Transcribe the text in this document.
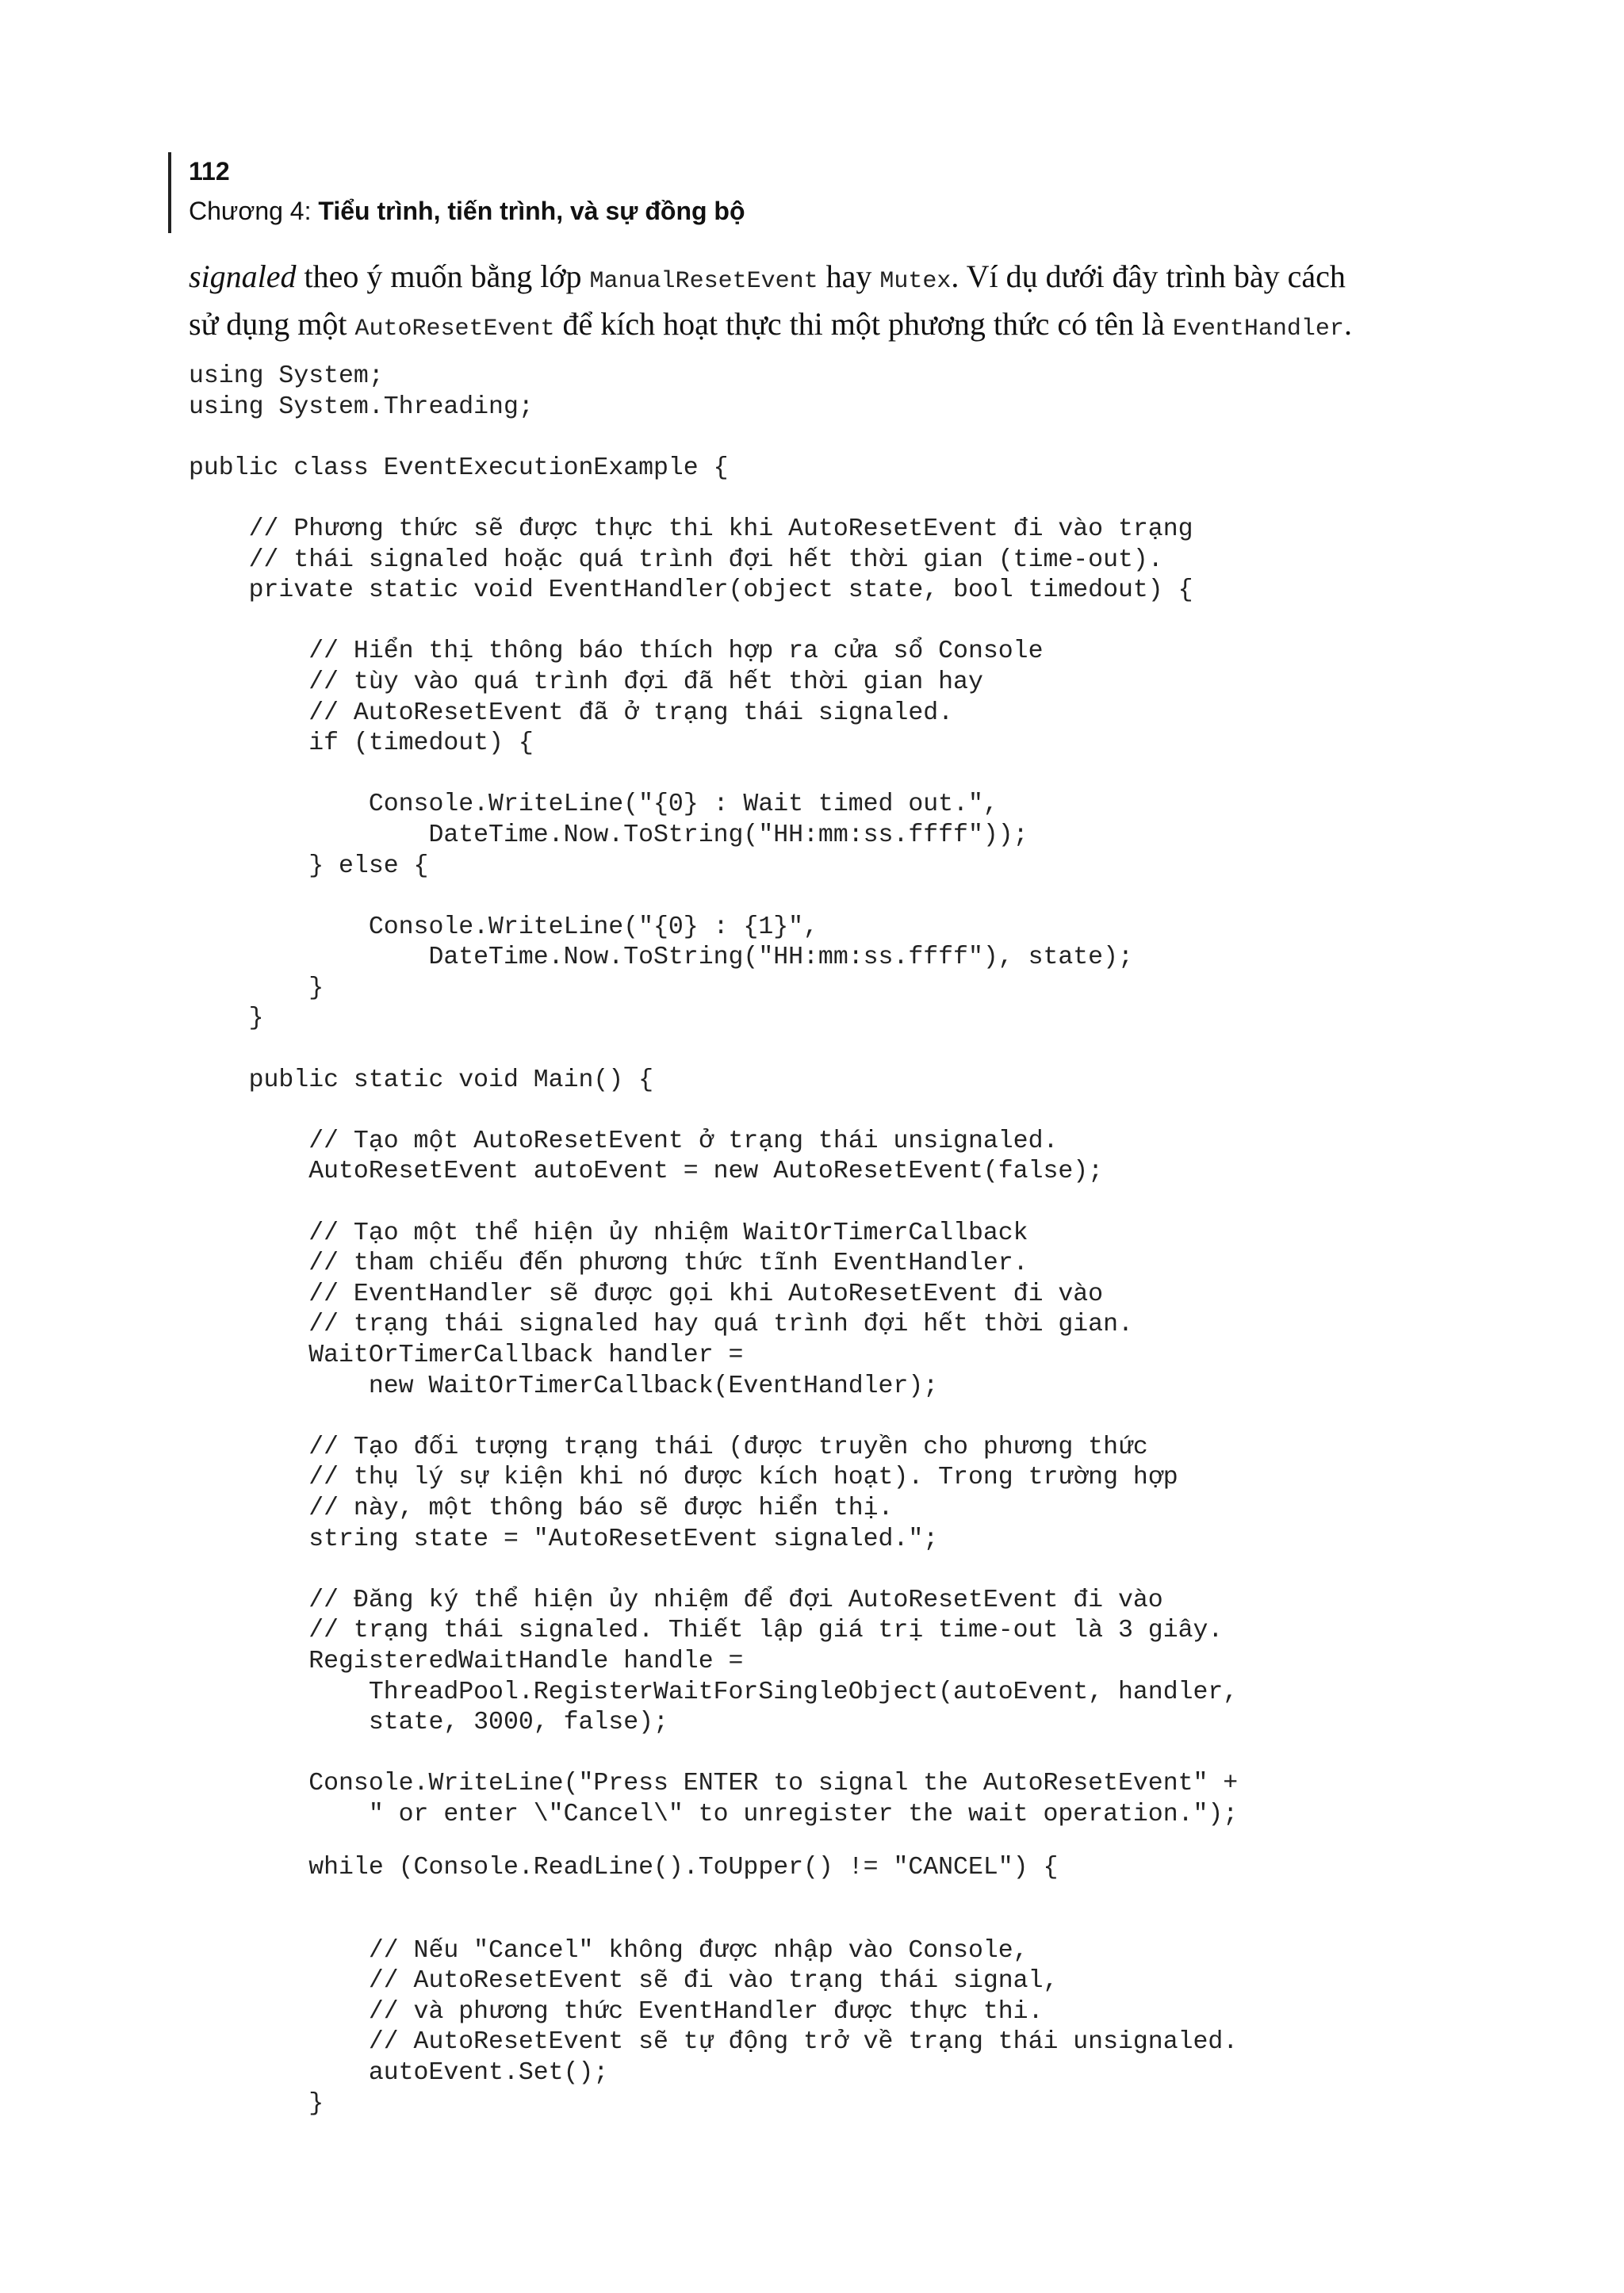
112
Chương 4: Tiểu trình, tiến trình, và sự đồng bộ

signaled theo ý muốn bằng lớp ManualResetEvent hay Mutex. Ví dụ dưới đây trình bày cách

sử dụng một AutoResetEvent để kích hoạt thực thi một phương thức có tên là EventHandler.

using System;
using System.Threading;
public class EventExecutionExample {
// Phương thức sẽ được thực thi khi AutoResetEvent đi vào trạng
// thái signaled hoặc quá trình đợi hết thời gian (time-out).
private static void EventHandler(object state, bool timedout) {
// Hiển thị thông báo thích hợp ra cửa sổ Console
// tùy vào quá trình đợi đã hết thời gian hay
// AutoResetEvent đã ở trạng thái signaled.
if (timedout) {
Console.WriteLine("{0} : Wait timed out.",
DateTime.Now.ToString("HH:mm:ss.ffff"));
} else {
Console.WriteLine("{0} : {1}",
DateTime.Now.ToString("HH:mm:ss.ffff"), state);
}
}
public static void Main() {
// Tạo một AutoResetEvent ở trạng thái unsignaled.
AutoResetEvent autoEvent = new AutoResetEvent(false);
// Tạo một thể hiện ủy nhiệm WaitOrTimerCallback
// tham chiếu đến phương thức tĩnh EventHandler.
// EventHandler sẽ được gọi khi AutoResetEvent đi vào
// trạng thái signaled hay quá trình đợi hết thời gian.
WaitOrTimerCallback handler =
new WaitOrTimerCallback(EventHandler);
// Tạo đối tượng trạng thái (được truyền cho phương thức
// thụ lý sự kiện khi nó được kích hoạt). Trong trường hợp
// này, một thông báo sẽ được hiển thị.
string state = "AutoResetEvent signaled.";
// Đăng ký thể hiện ủy nhiệm để đợi AutoResetEvent đi vào
// trạng thái signaled. Thiết lập giá trị time-out là 3 giây.
RegisteredWaitHandle handle =
ThreadPool.RegisterWaitForSingleObject(autoEvent, handler,
state, 3000, false);
Console.WriteLine("Press ENTER to signal the AutoResetEvent" +
" or enter \"Cancel\" to unregister the wait operation.");
while (Console.ReadLine().ToUpper() != "CANCEL") {
// Nếu "Cancel" không được nhập vào Console,
// AutoResetEvent sẽ đi vào trạng thái signal,
// và phương thức EventHandler được thực thi.
// AutoResetEvent sẽ tự động trở về trạng thái unsignaled.
autoEvent.Set();
}
